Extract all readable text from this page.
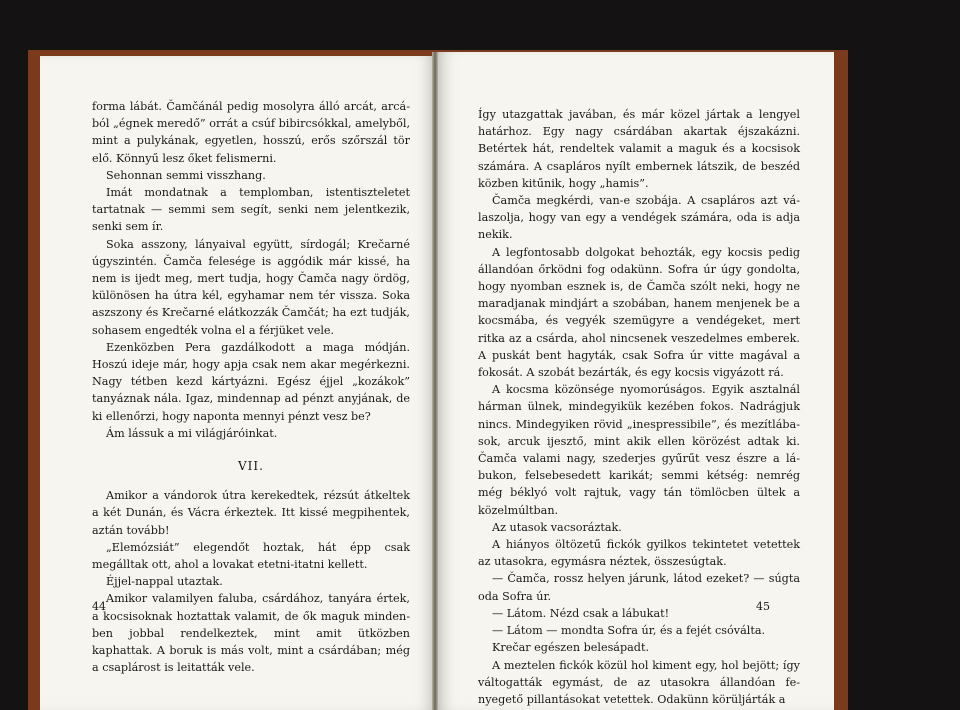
forma lábát. Čamčánál pedig mosolyra álló arcát, arcából „égnek meredő” orrát a csúf bibircsókkal, amelyből, mint a pulykának, egyetlen, hosszú, erős szőrszál tör elő. Könnyű lesz őket felismerni.

Sehonnan semmi visszhang.

Imát mondatnak a templomban, istentiszteletet tartatnak — semmi sem segít, senki nem jelentkezik, senki sem ír.

Soka asszony, lányaival együtt, sírdogál; Krečarné úgyszintén. Čamča felesége is aggódik már kissé, ha nem is ijedt meg, mert tudja, hogy Čamča nagy ördög, különösen ha útra kél, egyhamar nem tér vissza. Soka aszszony és Krečarné elátkozzák Čamčát; ha ezt tudják, sohasem engedték volna el a férjüket vele.

Ezenközben Pera gazdálkodott a maga módján. Hoszú ideje már, hogy apja csak nem akar megérkezni. Nagy tétben kezd kártyázni. Egész éjjel „kozákok” tanyáznak nála. Igaz, mindennap ad pénzt anyjának, de ki ellenőrzi, hogy naponta mennyi pénzt vesz be?

Ám lássuk a mi világjáróinkat.

VII.

Amikor a vándorok útra kerekedtek, rézsút átkeltek a két Dunán, és Vácra érkeztek. Itt kissé megpihentek, aztán tovább!

„Elemózsiát” elegendőt hoztak, hát épp csak megálltak ott, ahol a lovakat etetni-itatni kellett.

Éjjel-nappal utaztak.

Amikor valamilyen faluba, csárdához, tanyára értek, a kocsisoknak hoztattak valamit, de ők maguk mindenben jobbal rendelkeztek, mint amit ütközben kaphattak. A boruk is más volt, mint a csárdában; még a csaplárost is leitatták vele.

44

Így utazgattak javában, és már közel jártak a lengyel határhoz. Egy nagy csárdában akartak éjszakázni. Betértek hát, rendeltek valamit a maguk és a kocsisok számára. A csapláros nyílt embernek látszik, de beszéd közben kitűnik, hogy „hamis”.

Čamča megkérdi, van-e szobája. A csapláros azt válaszolja, hogy van egy a vendégek számára, oda is adja nekik.

A legfontosabb dolgokat behozták, egy kocsis pedig állandóan őrködni fog odakünn. Sofra úr úgy gondolta, hogy nyomban esznek is, de Čamča szólt neki, hogy ne maradjanak mindjárt a szobában, hanem menjenek be a kocsmába, és vegyék szemügyre a vendégeket, mert ritka az a csárda, ahol nincsenek veszedelmes emberek. A puskát bent hagyták, csak Sofra úr vitte magával a fokosát. A szobát bezárták, és egy kocsis vigyázott rá.

A kocsma közönsége nyomorúságos. Egyik asztalnál hárman ülnek, mindegyikük kezében fokos. Nadrágjuk nincs. Mindegyiken rövid „inespressibile”, és mezítlábasok, arcuk ijesztő, mint akik ellen körözést adtak ki. Čamča valami nagy, szederjes gyűrűt vesz észre a lábukon, felsebesedett karikát; semmi kétség: nemrég még béklyó volt rajtuk, vagy tán tömlöcben ültek a közelmúltban.

Az utasok vacsoráztak.

A hiányos öltözetű fickók gyilkos tekintetet vetettek az utasokra, egymásra néztek, összesúgtak.

— Čamča, rossz helyen járunk, látod ezeket? — súgta oda Sofra úr.

— Látom. Nézd csak a lábukat!

— Látom — mondta Sofra úr, és a fejét csóválta.

Krečar egészen belesápadt.

A meztelen fickók közül hol kiment egy, hol bejött; így váltogatták egymást, de az utasokra állandóan fenyegető pillantásokat vetettek. Odakünn körüljárták a

45
